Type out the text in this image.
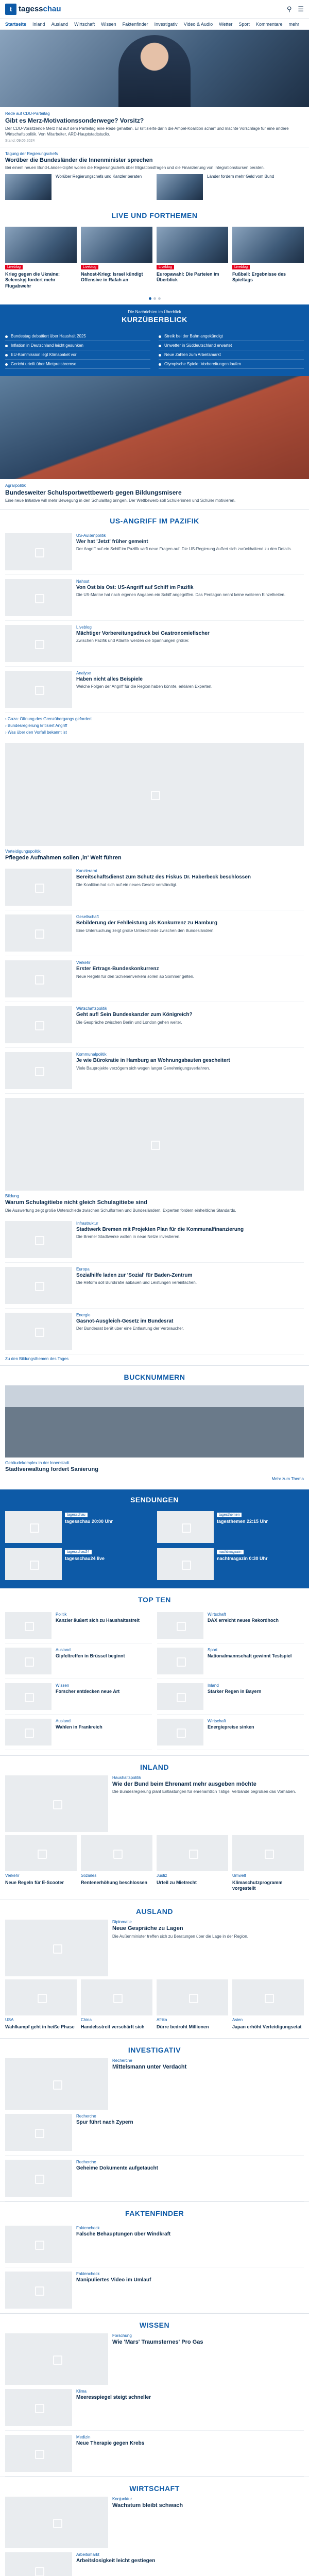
t tagesschau	⚲ ☰
Startseite Inland Ausland Wirtschaft Wissen Faktenfinder Investigativ Video & Audio Wetter Sport Kommentare mehr
Rede auf CDU-Parteitag
Gibt es Merz-Motivationssonderwege? Vorsitz?
Der CDU-Vorsitzende Merz hat auf dem Parteitag eine Rede gehalten. Er kritisierte darin die Ampel-Koalition scharf und machte Vorschläge für eine andere Wirtschaftspolitik. Von Mitarbeiter, ARD-Hauptstadtstudio.
Stand: 09.05.2024
Tagung der Regierungschefs
Worüber die Bundesländer die Innenminister sprechen
Bei einem neuen Bund-Länder-Gipfel wollen die Regierungschefs über Migrationsfragen und die Finanzierung von Integrationskursen beraten.
Worüber Regierungschefs und Kanzler beraten	Länder fordern mehr Geld vom Bund
LIVE UND FORTHEMEN
Liveblog
Krieg gegen die Ukraine: Selenskyj fordert mehr Flugabwehr
Liveblog
Nahost-Krieg: Israel kündigt Offensive in Rafah an
Liveblog
Europawahl: Die Parteien im Überblick
Liveblog
Fußball: Ergebnisse des Spieltags
Die Nachrichten im Überblick
KURZÜBERBLICK
Bundestag debattiert über Haushalt 2025	Streik bei der Bahn angekündigt
Inflation in Deutschland leicht gesunken	Unwetter in Süddeutschland erwartet
EU-Kommission legt Klimapaket vor	Neue Zahlen zum Arbeitsmarkt
Gericht urteilt über Mietpreisbremse	Olympische Spiele: Vorbereitungen laufen
Agrarpolitik
Bundesweiter Schulsportwettbewerb gegen Bildungsmisere
Eine neue Initiative will mehr Bewegung in den Schulalltag bringen. Der Wettbewerb soll Schülerinnen und Schüler motivieren.
US-ANGRIFF IM PAZIFIK
US-Außenpolitik
Wer hat 'Jetzt' früher gemeint
Der Angriff auf ein Schiff im Pazifik wirft neue Fragen auf. Die US-Regierung äußert sich zurückhaltend zu den Details.
Nahost
Von Ost bis Ost: US-Angriff auf Schiff im Pazifik
Die US-Marine hat nach eigenen Angaben ein Schiff angegriffen. Das Pentagon nennt keine weiteren Einzelheiten.
Liveblog
Mächtiger Vorbereitungsdruck bei Gastronomiefischer
Zwischen Pazifik und Atlantik werden die Spannungen größer.
Analyse
Haben nicht alles Beispiele
Welche Folgen der Angriff für die Region haben könnte, erklären Experten.
› Gaza: Öffnung des Grenzübergangs gefordert
› Bundesregierung kritisiert Angriff
› Was über den Vorfall bekannt ist
Verteidigungspolitik
Pflegede Aufnahmen sollen ‚in' Welt führen
Kanzleramt
Bereitschaftsdienst zum Schutz des Fiskus Dr. Haberbeck beschlossen
Die Koalition hat sich auf ein neues Gesetz verständigt.
Gesellschaft
Bebilderung der Fehlleistung als Konkurrenz zu Hamburg
Eine Untersuchung zeigt große Unterschiede zwischen den Bundesländern.
Verkehr
Erster Ertrags-Bundeskonkurrenz
Neue Regeln für den Schienenverkehr sollen ab Sommer gelten.
Wirtschaftspolitik
Geht auf! Sein Bundeskanzler zum Königreich?
Die Gespräche zwischen Berlin und London gehen weiter.
Kommunalpolitik
Je wie Bürokratie in Hamburg an Wohnungsbauten gescheitert
Viele Bauprojekte verzögern sich wegen langer Genehmigungsverfahren.
Bildung
Warum Schulagitiebe nicht gleich Schulagitiebe sind
Die Auswertung zeigt große Unterschiede zwischen Schulformen und Bundesländern. Experten fordern einheitliche Standards.
Infrastruktur
Stadtwerk Bremen mit Projekten Plan für die Kommunalfinanzierung
Die Bremer Stadtwerke wollen in neue Netze investieren.
Europa
Sozialhilfe laden zur 'Sozial' für Baden-Zentrum
Die Reform soll Bürokratie abbauen und Leistungen vereinfachen.
Energie
Gasnot-Ausgleich-Gesetz im Bundesrat
Der Bundesrat berät über eine Entlastung der Verbraucher.
Zu den Bildungsthemen des Tages
BUCKNUMMERN
Gebäudekomplex in der Innenstadt
Stadtverwaltung fordert Sanierung
Mehr zum Thema
SENDUNGEN
tagesschau
tagesschau 20:00 Uhr
tagesthemen
tagesthemen 22:15 Uhr
tagesschau24
tagesschau24 live
nachtmagazin
nachtmagazin 0:30 Uhr
TOP TEN
Politik
Kanzler äußert sich zu Haushaltsstreit
Wirtschaft
DAX erreicht neues Rekordhoch
Ausland
Gipfeltreffen in Brüssel beginnt
Sport
Nationalmannschaft gewinnt Testspiel
Wissen
Forscher entdecken neue Art
Inland
Starker Regen in Bayern
Ausland
Wahlen in Frankreich
Wirtschaft
Energiepreise sinken
INLAND
Haushaltspolitik
Wie der Bund beim Ehrenamt mehr ausgeben möchte
Die Bundesregierung plant Entlastungen für ehrenamtlich Tätige. Verbände begrüßen das Vorhaben.
Verkehr
Neue Regeln für E-Scooter
Soziales
Rentenerhöhung beschlossen
Justiz
Urteil zu Mietrecht
Umwelt
Klimaschutzprogramm vorgestellt
AUSLAND
Diplomatie
Neue Gespräche zu Lagen
Die Außenminister treffen sich zu Beratungen über die Lage in der Region.
USA
Wahlkampf geht in heiße Phase
China
Handelsstreit verschärft sich
Afrika
Dürre bedroht Millionen
Asien
Japan erhöht Verteidigungsetat
INVESTIGATIV
Recherche
Mittelsmann unter Verdacht
Recherche
Spur führt nach Zypern
Recherche
Geheime Dokumente aufgetaucht
FAKTENFINDER
Faktencheck
Falsche Behauptungen über Windkraft
Faktencheck
Manipuliertes Video im Umlauf
WISSEN
Forschung
Wie 'Mars' Traumsternes' Pro Gas
Klima
Meeresspiegel steigt schneller
Medizin
Neue Therapie gegen Krebs
WIRTSCHAFT
Konjunktur
Wachstum bleibt schwach
Arbeitsmarkt
Arbeitslosigkeit leicht gestiegen
